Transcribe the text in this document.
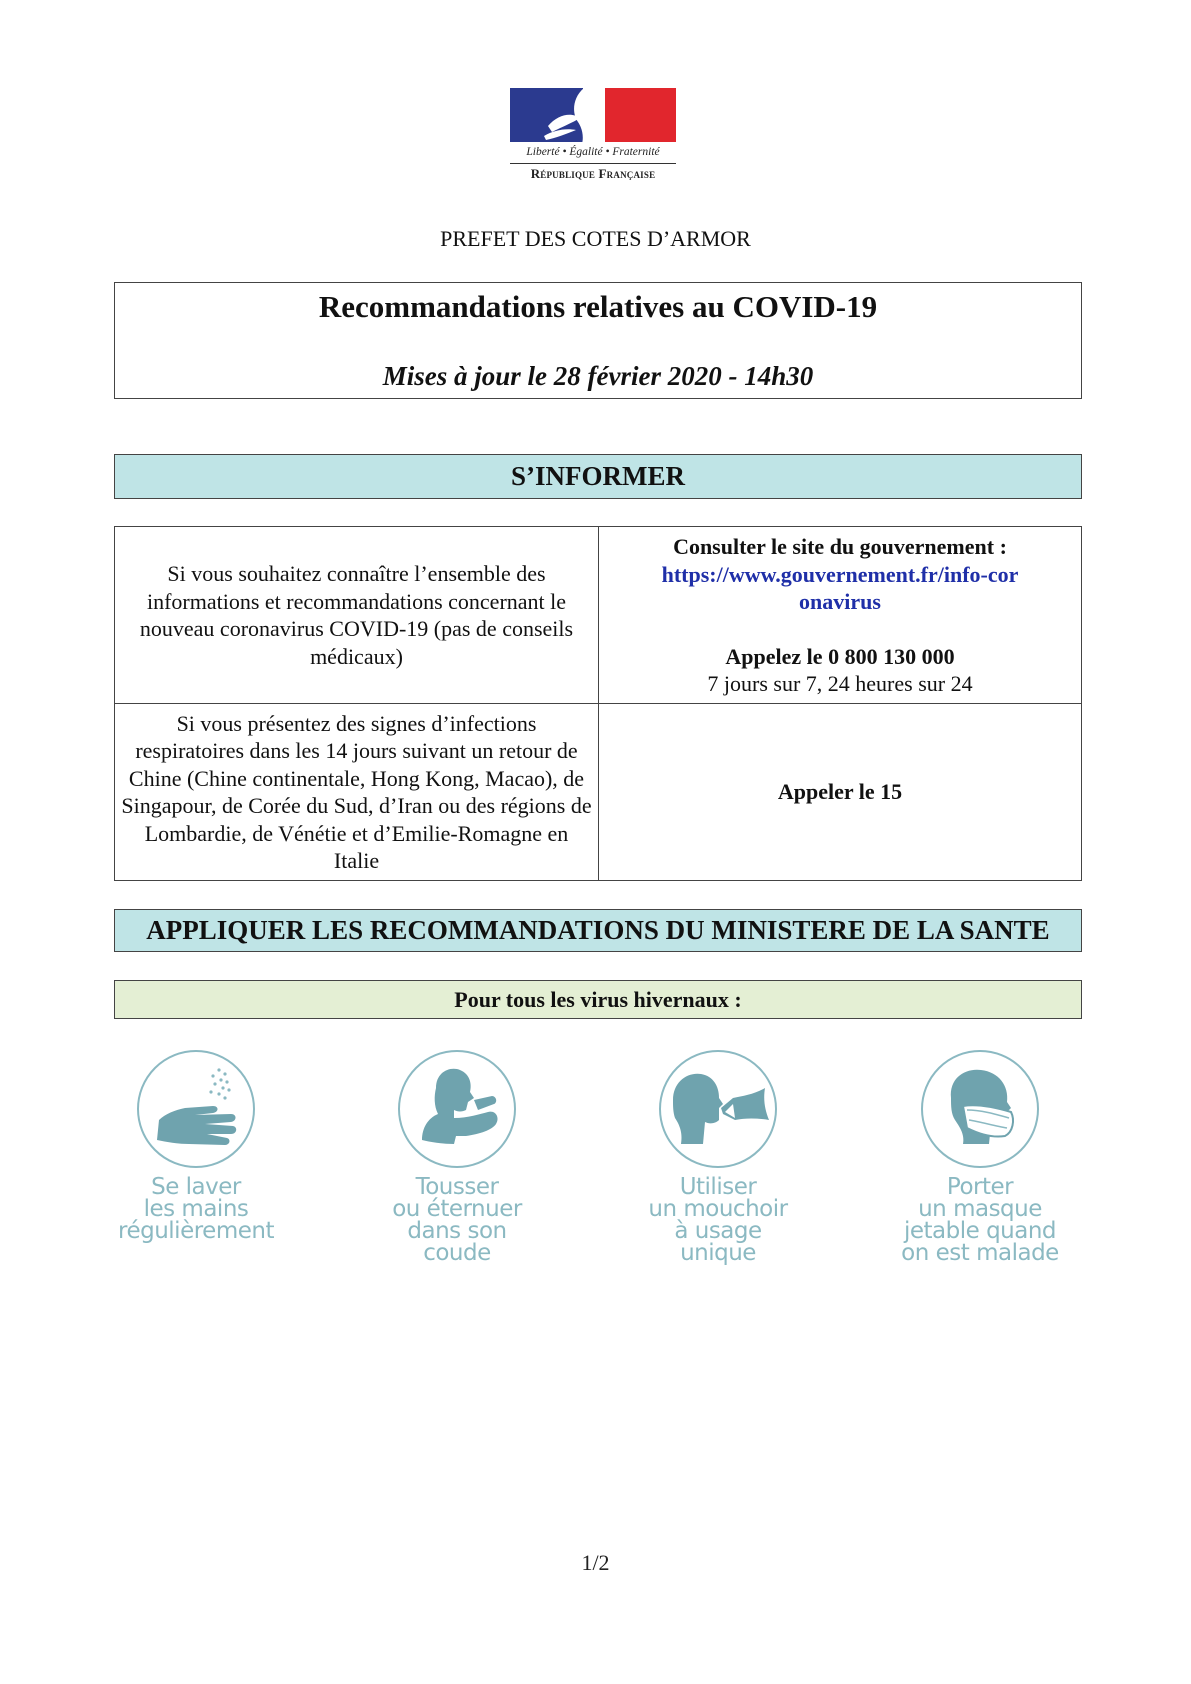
Liberté • Égalité • Fraternité
République Française
PREFET DES COTES D’ARMOR
Recommandations relatives au COVID-19
Mises à jour le 28 février 2020 - 14h30
S’INFORMER
Si vous souhaitez connaître l’ensemble des informations et recommandations concernant le nouveau coronavirus COVID-19 (pas de conseils médicaux)
Consulter le site du gouvernement :
https://www.gouvernement.fr/info-coronavirus
Appelez le 0 800 130 000
7 jours sur 7, 24 heures sur 24
Si vous présentez des signes d’infections respiratoires dans les 14 jours suivant un retour de Chine (Chine continentale, Hong Kong, Macao), de Singapour, de Corée du Sud, d’Iran ou des régions de Lombardie, de Vénétie et d’Emilie-Romagne en Italie
Appeler le 15
APPLIQUER LES RECOMMANDATIONS DU MINISTERE DE LA SANTE
Pour tous les virus hivernaux :
Se laver
les mains
régulièrement
Tousser
ou éternuer
dans son
coude
Utiliser
un mouchoir
à usage
unique
Porter
un masque
jetable quand
on est malade
1/2
